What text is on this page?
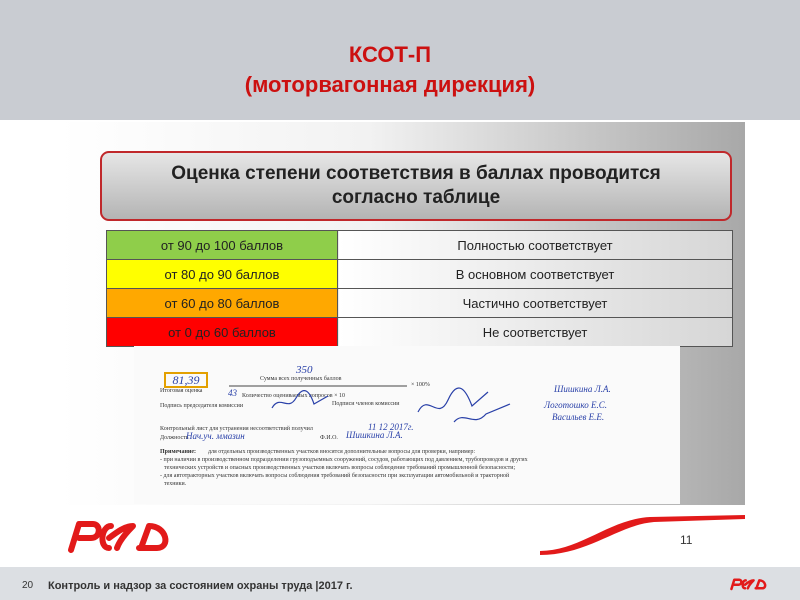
КСОТ-П
(моторвагонная дирекция)
Оценка степени соответствия в баллах проводится
согласно таблице
от 90 до 100 баллов	Полностью соответствует
от 80 до 90 баллов	В основном соответствует
от 60 до 80 баллов	Частично соответствует
от 0 до 60 баллов	Не соответствует
350
Сумма всех полученных баллов
81,39	× 100%
Итоговая оценка	43 Количество оцениваемых вопросов × 10
Подпись председателя комиссии	Подписи членов комиссии
Шишкина Л.А.
Логотошко Е.С.
Васильев Е.Е.
Контрольный лист для устранения несоответствий получил	11 12 2017г.
Должность
Нач.уч. ммазин	Ф.И.О. Шишкина Л.А.
Примечание: для отдельных производственных участков вносятся дополнительные вопросы для проверки, например:
- при наличии в производственном подразделении грузоподъемных сооружений, сосудов, работающих под давлением, трубопроводов и других
технических устройств и опасных производственных участков включать вопросы соблюдение требований промышленной безопасности;
- для автотракторных участков включать вопросы соблюдения требований безопасности при эксплуатации автомобильной и тракторной
техники.
11
20 Контроль и надзор за состоянием охраны труда |2017 г.
